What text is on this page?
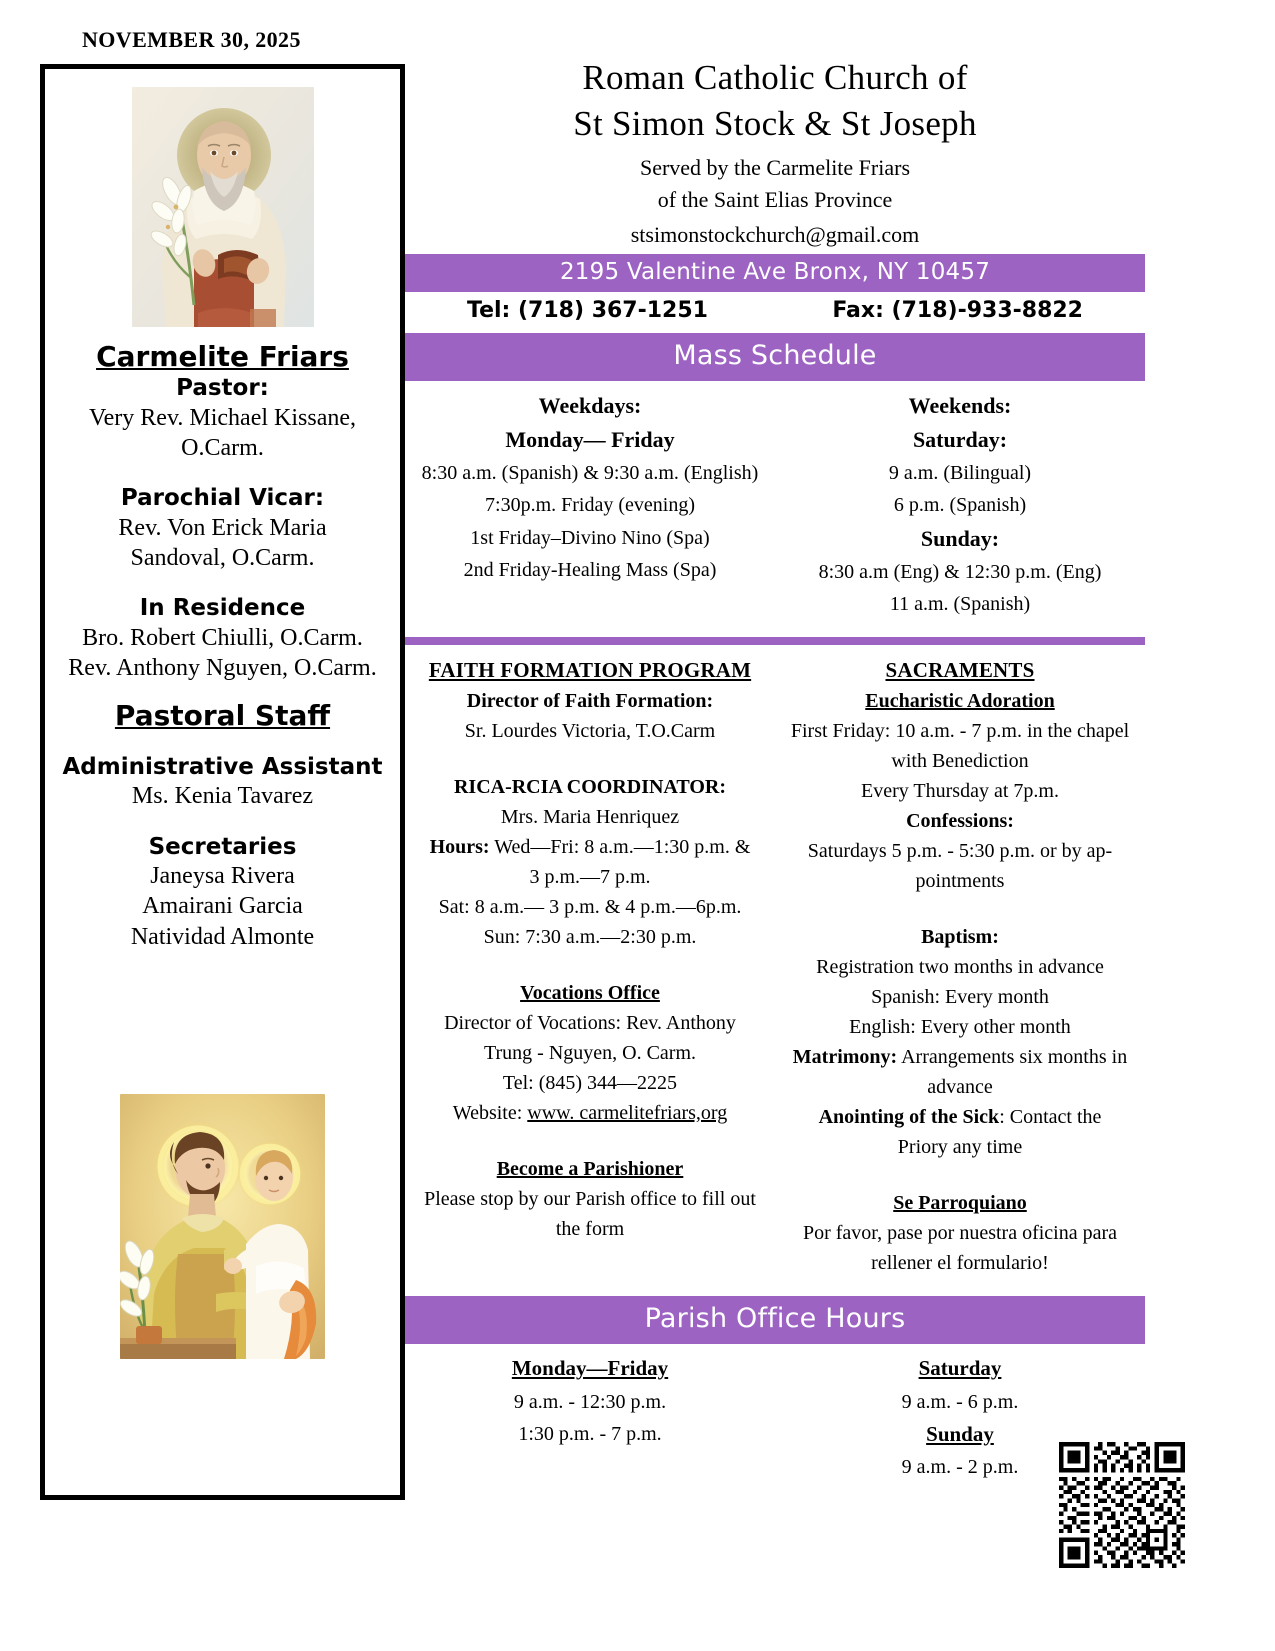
NOVEMBER 30, 2025
Carmelite Friars
Pastor:
Very Rev. Michael Kissane,
O.Carm.
Parochial Vicar:
Rev. Von Erick Maria
Sandoval, O.Carm.
In Residence
Bro. Robert Chiulli, O.Carm.
Rev. Anthony Nguyen, O.Carm.
Pastoral Staff
Administrative Assistant
Ms. Kenia Tavarez
Secretaries
Janeysa Rivera
Amairani Garcia
Natividad Almonte
Roman Catholic Church of
St Simon Stock & St Joseph
Served by the Carmelite Friars
of the Saint Elias Province
stsimonstockchurch@gmail.com
2195 Valentine Ave Bronx, NY 10457
Tel: (718) 367-1251	Fax: (718)-933-8822
Mass Schedule
Weekdays:
Monday— Friday
8:30 a.m. (Spanish) & 9:30 a.m. (English)
7:30p.m. Friday (evening)
1st Friday–Divino Nino (Spa)
2nd Friday-Healing Mass (Spa)
Weekends:
Saturday:
9 a.m. (Bilingual)
6 p.m. (Spanish)
Sunday:
8:30 a.m (Eng) & 12:30 p.m. (Eng)
11 a.m. (Spanish)
FAITH FORMATION PROGRAM
Director of Faith Formation:
Sr. Lourdes Victoria, T.O.Carm
RICA-RCIA COORDINATOR:
Mrs. Maria Henriquez
Hours: Wed—Fri: 8 a.m.—1:30 p.m. &
3 p.m.—7 p.m.
Sat: 8 a.m.— 3 p.m. & 4 p.m.—6p.m.
Sun: 7:30 a.m.—2:30 p.m.
Vocations Office
Director of Vocations: Rev. Anthony
Trung - Nguyen, O. Carm.
Tel: (845) 344—2225
Website: www. carmelitefriars,org
Become a Parishioner
Please stop by our Parish office to fill out
the form
SACRAMENTS
Eucharistic Adoration
First Friday: 10 a.m. - 7 p.m. in the chapel
with Benediction
Every Thursday at 7p.m.
Confessions:
Saturdays 5 p.m. - 5:30 p.m. or by ap-
pointments
Baptism:
Registration two months in advance
Spanish: Every month
English: Every other month
Matrimony: Arrangements six months in
advance
Anointing of the Sick: Contact the
Priory any time
Se Parroquiano
Por favor, pase por nuestra oficina para
rellener el formulario!
Parish Office Hours
Monday—Friday
9 a.m. - 12:30 p.m.
1:30 p.m. - 7 p.m.
Saturday
9 a.m. - 6 p.m.
Sunday
9 a.m. - 2 p.m.
